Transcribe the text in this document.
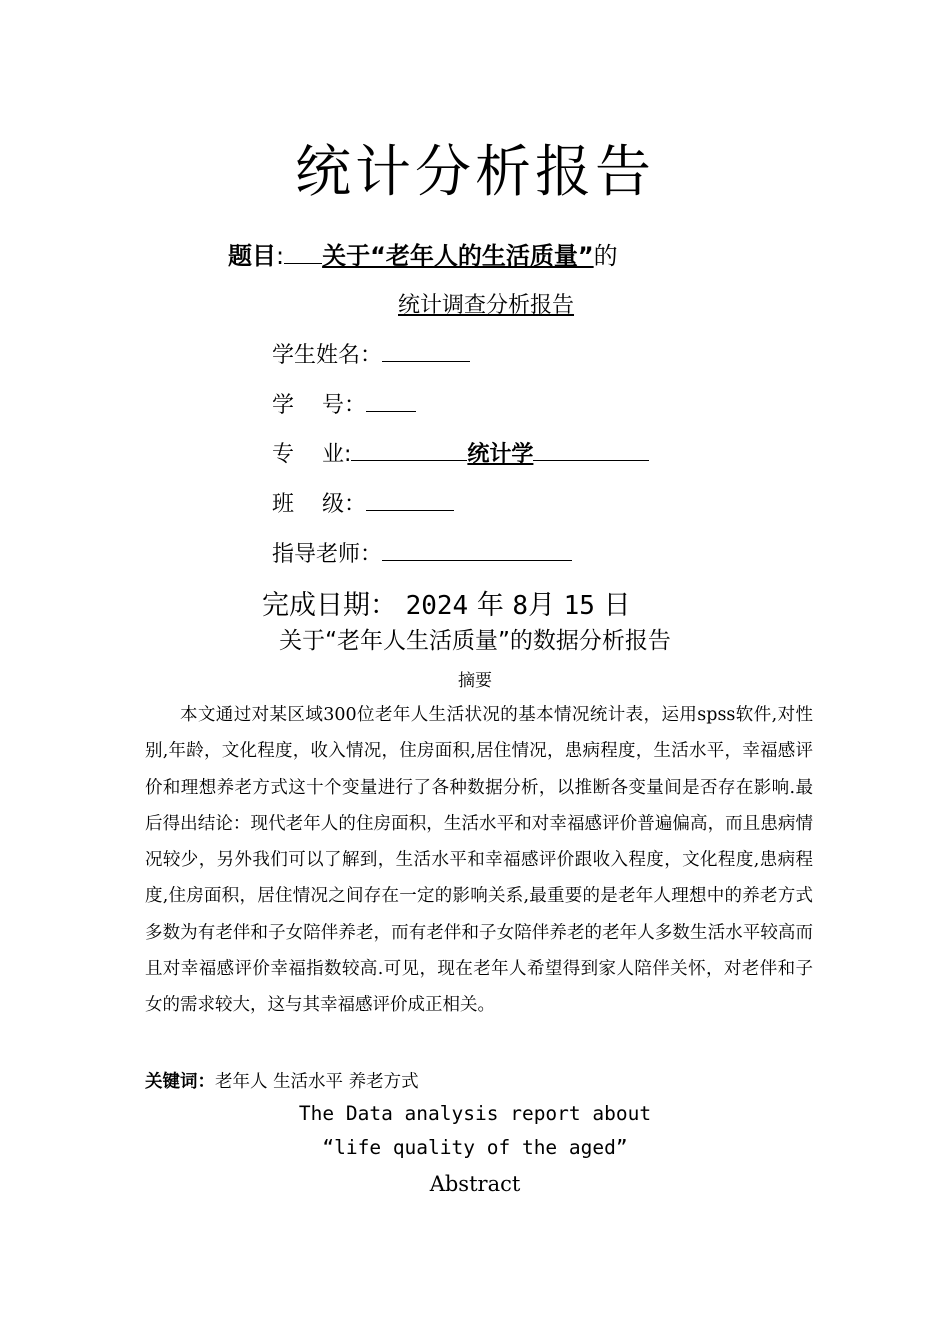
统计分析报告
题目: 关于“老年人的生活质量”的
统计调查分析报告
学生姓名：
学    号：
专    业:	统计学
班    级：
指导老师：
完成日期： 2024 年 8月 15 日
关于“老年人生活质量”的数据分析报告
摘要
本文通过对某区域300位老年人生活状况的基本情况统计表，运用spss软件,对性别,年龄，文化程度，收入情况，住房面积,居住情况，患病程度，生活水平，幸福感评价和理想养老方式这十个变量进行了各种数据分析，以推断各变量间是否存在影响.最后得出结论：现代老年人的住房面积，生活水平和对幸福感评价普遍偏高，而且患病情况较少，另外我们可以了解到，生活水平和幸福感评价跟收入程度，文化程度,患病程度,住房面积，居住情况之间存在一定的影响关系,最重要的是老年人理想中的养老方式多数为有老伴和子女陪伴养老，而有老伴和子女陪伴养老的老年人多数生活水平较高而且对幸福感评价幸福指数较高.可见，现在老年人希望得到家人陪伴关怀，对老伴和子女的需求较大，这与其幸福感评价成正相关。
关键词：老年人 生活水平 养老方式
The Data analysis report about
“life quality of the aged”
Abstract
